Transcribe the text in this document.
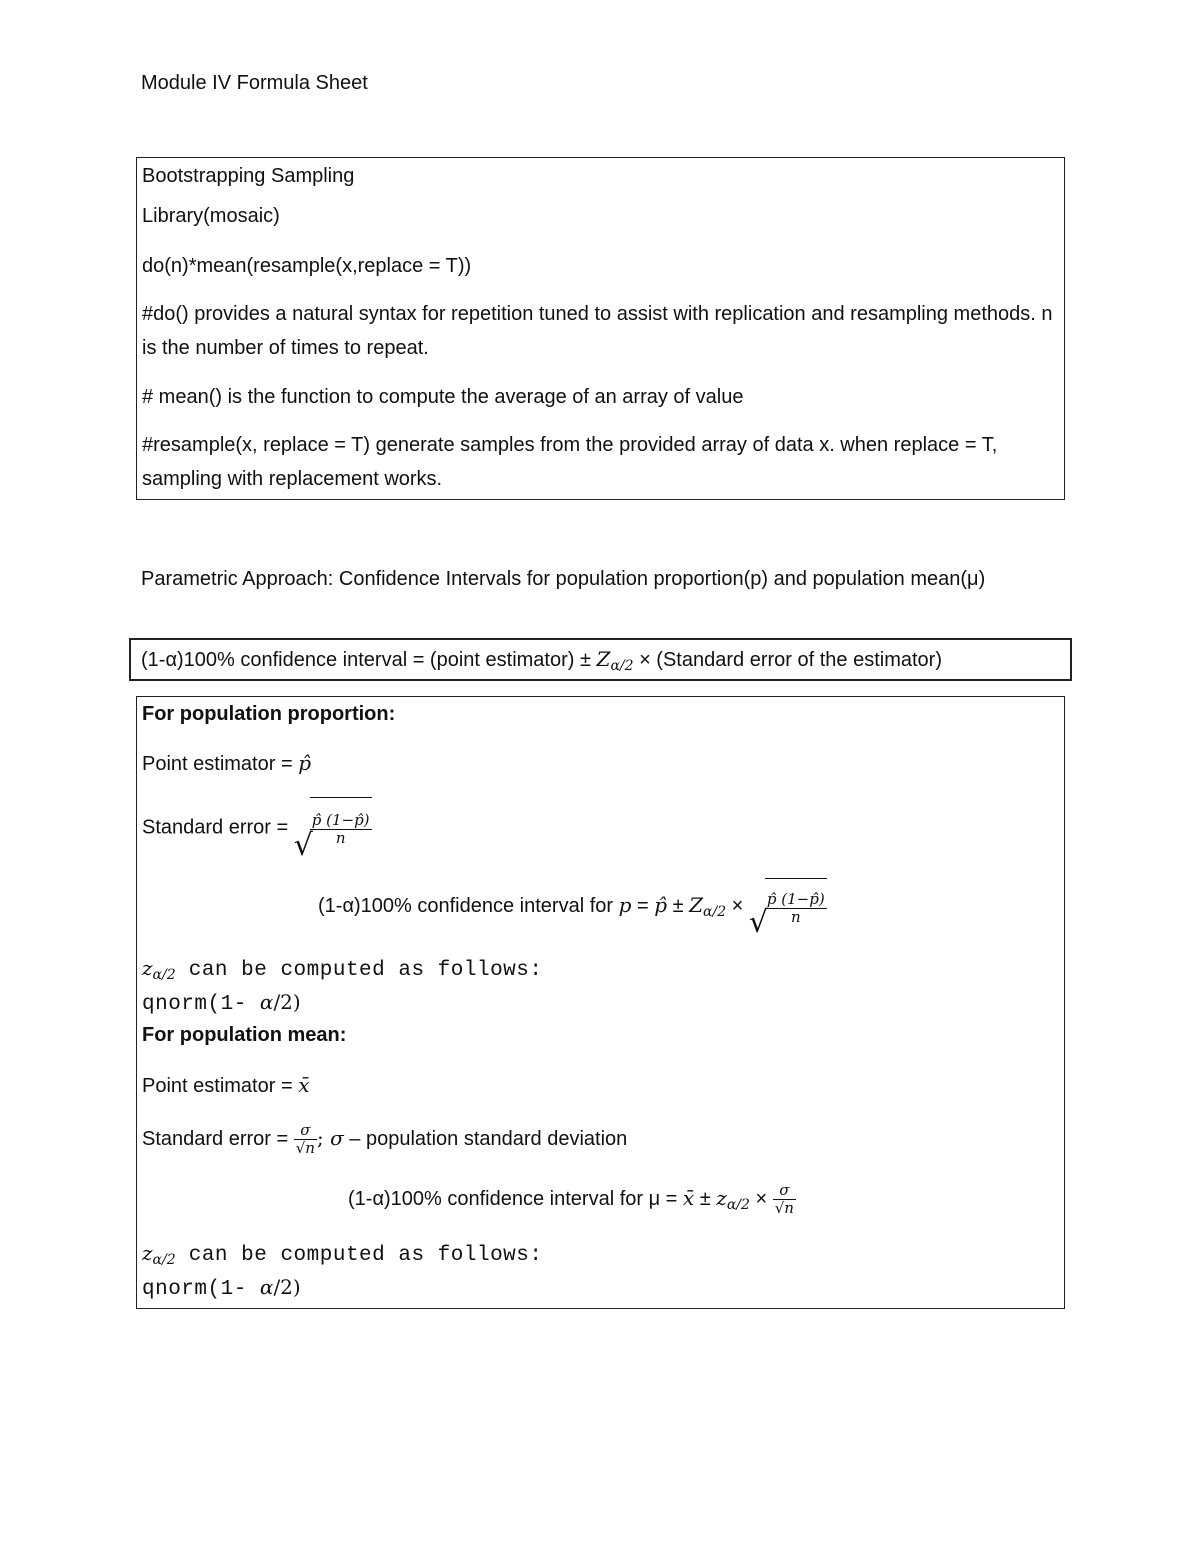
Module IV Formula Sheet
Bootstrapping Sampling
Library(mosaic)
do(n)*mean(resample(x,replace = T))
#do() provides a natural syntax for repetition tuned to assist with replication and resampling methods. n is the number of times to repeat.
# mean() is the function to compute the average of an array of value
#resample(x, replace = T) generate samples from the provided array of data x. when replace = T, sampling with replacement works.
Parametric Approach: Confidence Intervals for population proportion(p) and population mean(μ)
(1-α)100% confidence interval = (point estimator) ± $Z_{\alpha/2}$ × (Standard error of the estimator)
For population proportion:
Point estimator = p̂
Standard error =
√
$\frac{p̂ (1-p̂)}{n}$
(1-α)100% confidence interval for p = p̂ ± $Z_{\alpha/2}$ × √
$\frac{p̂ (1-p̂)}{n}$
$z_{\alpha/2}$ can be computed as follows:
qnorm(1- α/2)
For population mean:
Point estimator = x̄
Standard error = $\frac{\sigma}{√n}$ ; σ – population standard deviation
(1-α)100% confidence interval for μ = x̄ ± $z_{\alpha/2} \times \frac{\sigma}{√n}$
$z_{\alpha/2}$ can be computed as follows:
qnorm(1- α/2)
